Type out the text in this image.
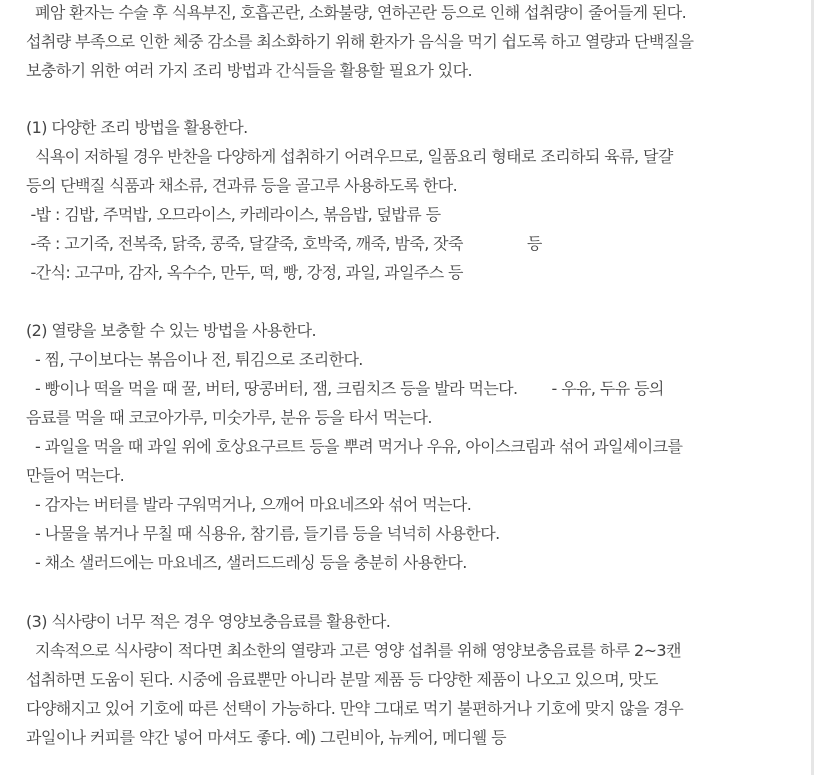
폐암 환자는 수술 후 식욕부진, 호흡곤란, 소화불량, 연하곤란 등으로 인해 섭취량이 줄어들게 된다.
섭취량 부족으로 인한 체중 감소를 최소화하기 위해 환자가 음식을 먹기 쉽도록 하고 열량과 단백질을
보충하기 위한 여러 가지 조리 방법과 간식들을 활용할 필요가 있다.
(1) 다양한 조리 방법을 활용한다.
식욕이 저하될 경우 반찬을 다양하게 섭취하기 어려우므로, 일품요리 형태로 조리하되 육류, 달걀
등의 단백질 식품과 채소류, 견과류 등을 골고루 사용하도록 한다.
-밥 : 김밥, 주먹밥, 오므라이스, 카레라이스, 볶음밥, 덮밥류 등
-죽 : 고기죽, 전복죽, 닭죽, 콩죽, 달걀죽, 호박죽, 깨죽, 밤죽, 잣죽	등
-간식: 고구마, 감자, 옥수수, 만두, 떡, 빵, 강정, 과일, 과일주스 등
(2) 열량을 보충할 수 있는 방법을 사용한다.
- 찜, 구이보다는 볶음이나 전, 튀김으로 조리한다.
- 빵이나 떡을 먹을 때 꿀, 버터, 땅콩버터, 잼, 크림치즈 등을 발라 먹는다. - 우유, 두유 등의
음료를 먹을 때 코코아가루, 미숫가루, 분유 등을 타서 먹는다.
- 과일을 먹을 때 과일 위에 호상요구르트 등을 뿌려 먹거나 우유, 아이스크림과 섞어 과일셰이크를
만들어 먹는다.
- 감자는 버터를 발라 구워먹거나, 으깨어 마요네즈와 섞어 먹는다.
- 나물을 볶거나 무칠 때 식용유, 참기름, 들기름 등을 넉넉히 사용한다.
- 채소 샐러드에는 마요네즈, 샐러드드레싱 등을 충분히 사용한다.
(3) 식사량이 너무 적은 경우 영양보충음료를 활용한다.
지속적으로 식사량이 적다면 최소한의 열량과 고른 영양 섭취를 위해 영양보충음료를 하루 2~3캔
섭취하면 도움이 된다. 시중에 음료뿐만 아니라 분말 제품 등 다양한 제품이 나오고 있으며, 맛도
다양해지고 있어 기호에 따른 선택이 가능하다. 만약 그대로 먹기 불편하거나 기호에 맞지 않을 경우
과일이나 커피를 약간 넣어 마셔도 좋다. 예) 그린비아, 뉴케어, 메디웰 등
